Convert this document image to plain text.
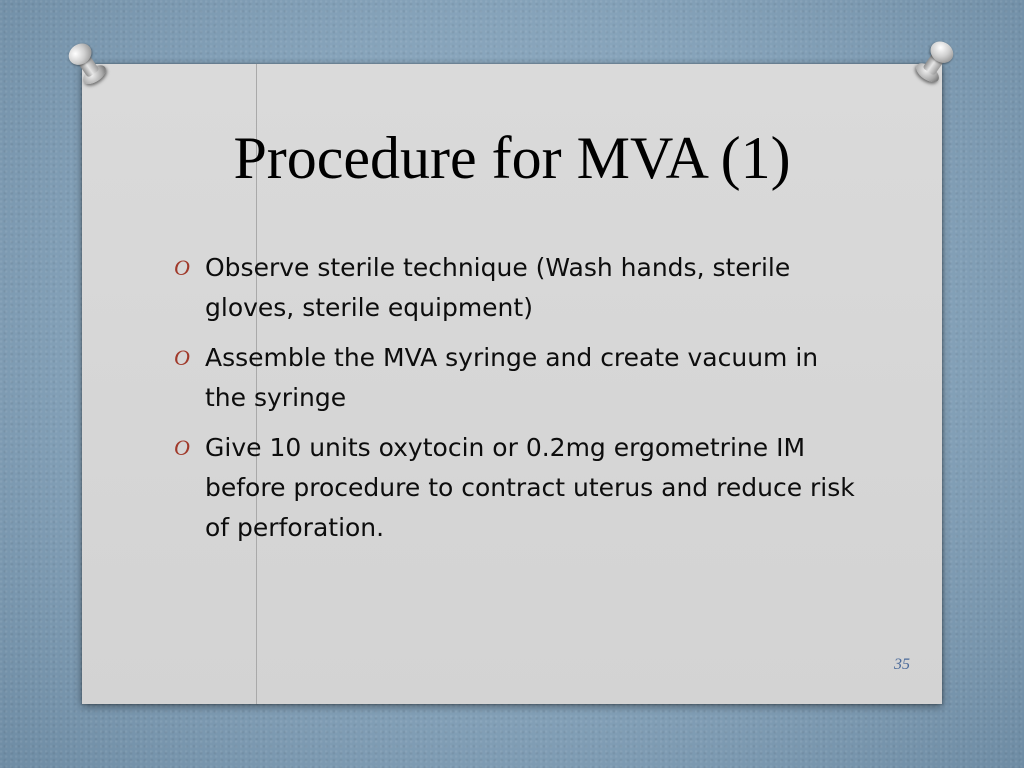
Procedure for MVA (1)
O Observe sterile technique (Wash hands, sterile gloves, sterile equipment)
O Assemble the MVA syringe and create vacuum in the syringe
O Give 10 units oxytocin or 0.2mg ergometrine IM before procedure to contract uterus and reduce risk of perforation.
35
